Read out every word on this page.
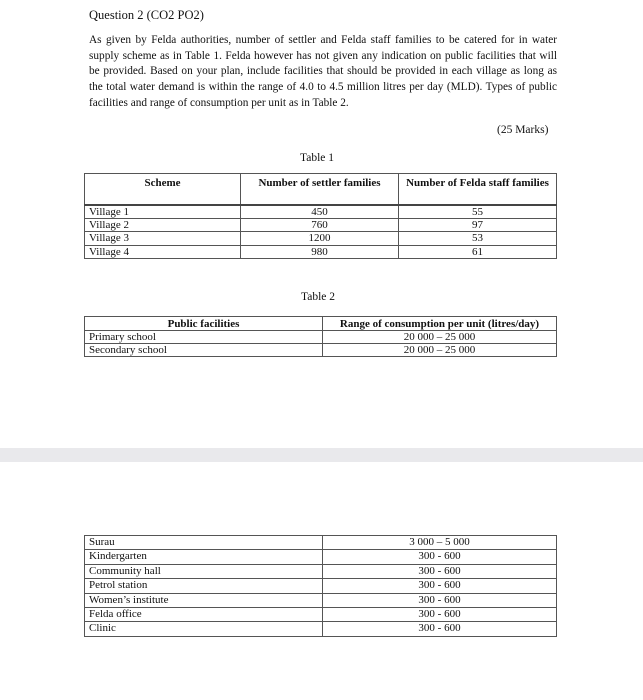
Question 2 (CO2 PO2)

As given by Felda authorities, number of settler and Felda staff families to be catered for in water supply scheme as in Table 1. Felda however has not given any indication on public facilities that will be provided. Based on your plan, include facilities that should be provided in each village as long as the total water demand is within the range of 4.0 to 4.5 million litres per day (MLD). Types of public facilities and range of consumption per unit as in Table 2.

(25 Marks)
Table 1
Scheme	Number of settler families	Number of Felda staff families
Village 1	450	55
Village 2	760	97
Village 3	1200	53
Village 4	980	61
Table 2
Public facilities	Range of consumption per unit (litres/day)
Primary school	20 000 – 25 000
Secondary school	20 000 – 25 000
Surau	3 000 – 5 000
Kindergarten	300 - 600
Community hall	300 - 600
Petrol station	300 - 600
Women’s institute	300 - 600
Felda office	300 - 600
Clinic	300 - 600
